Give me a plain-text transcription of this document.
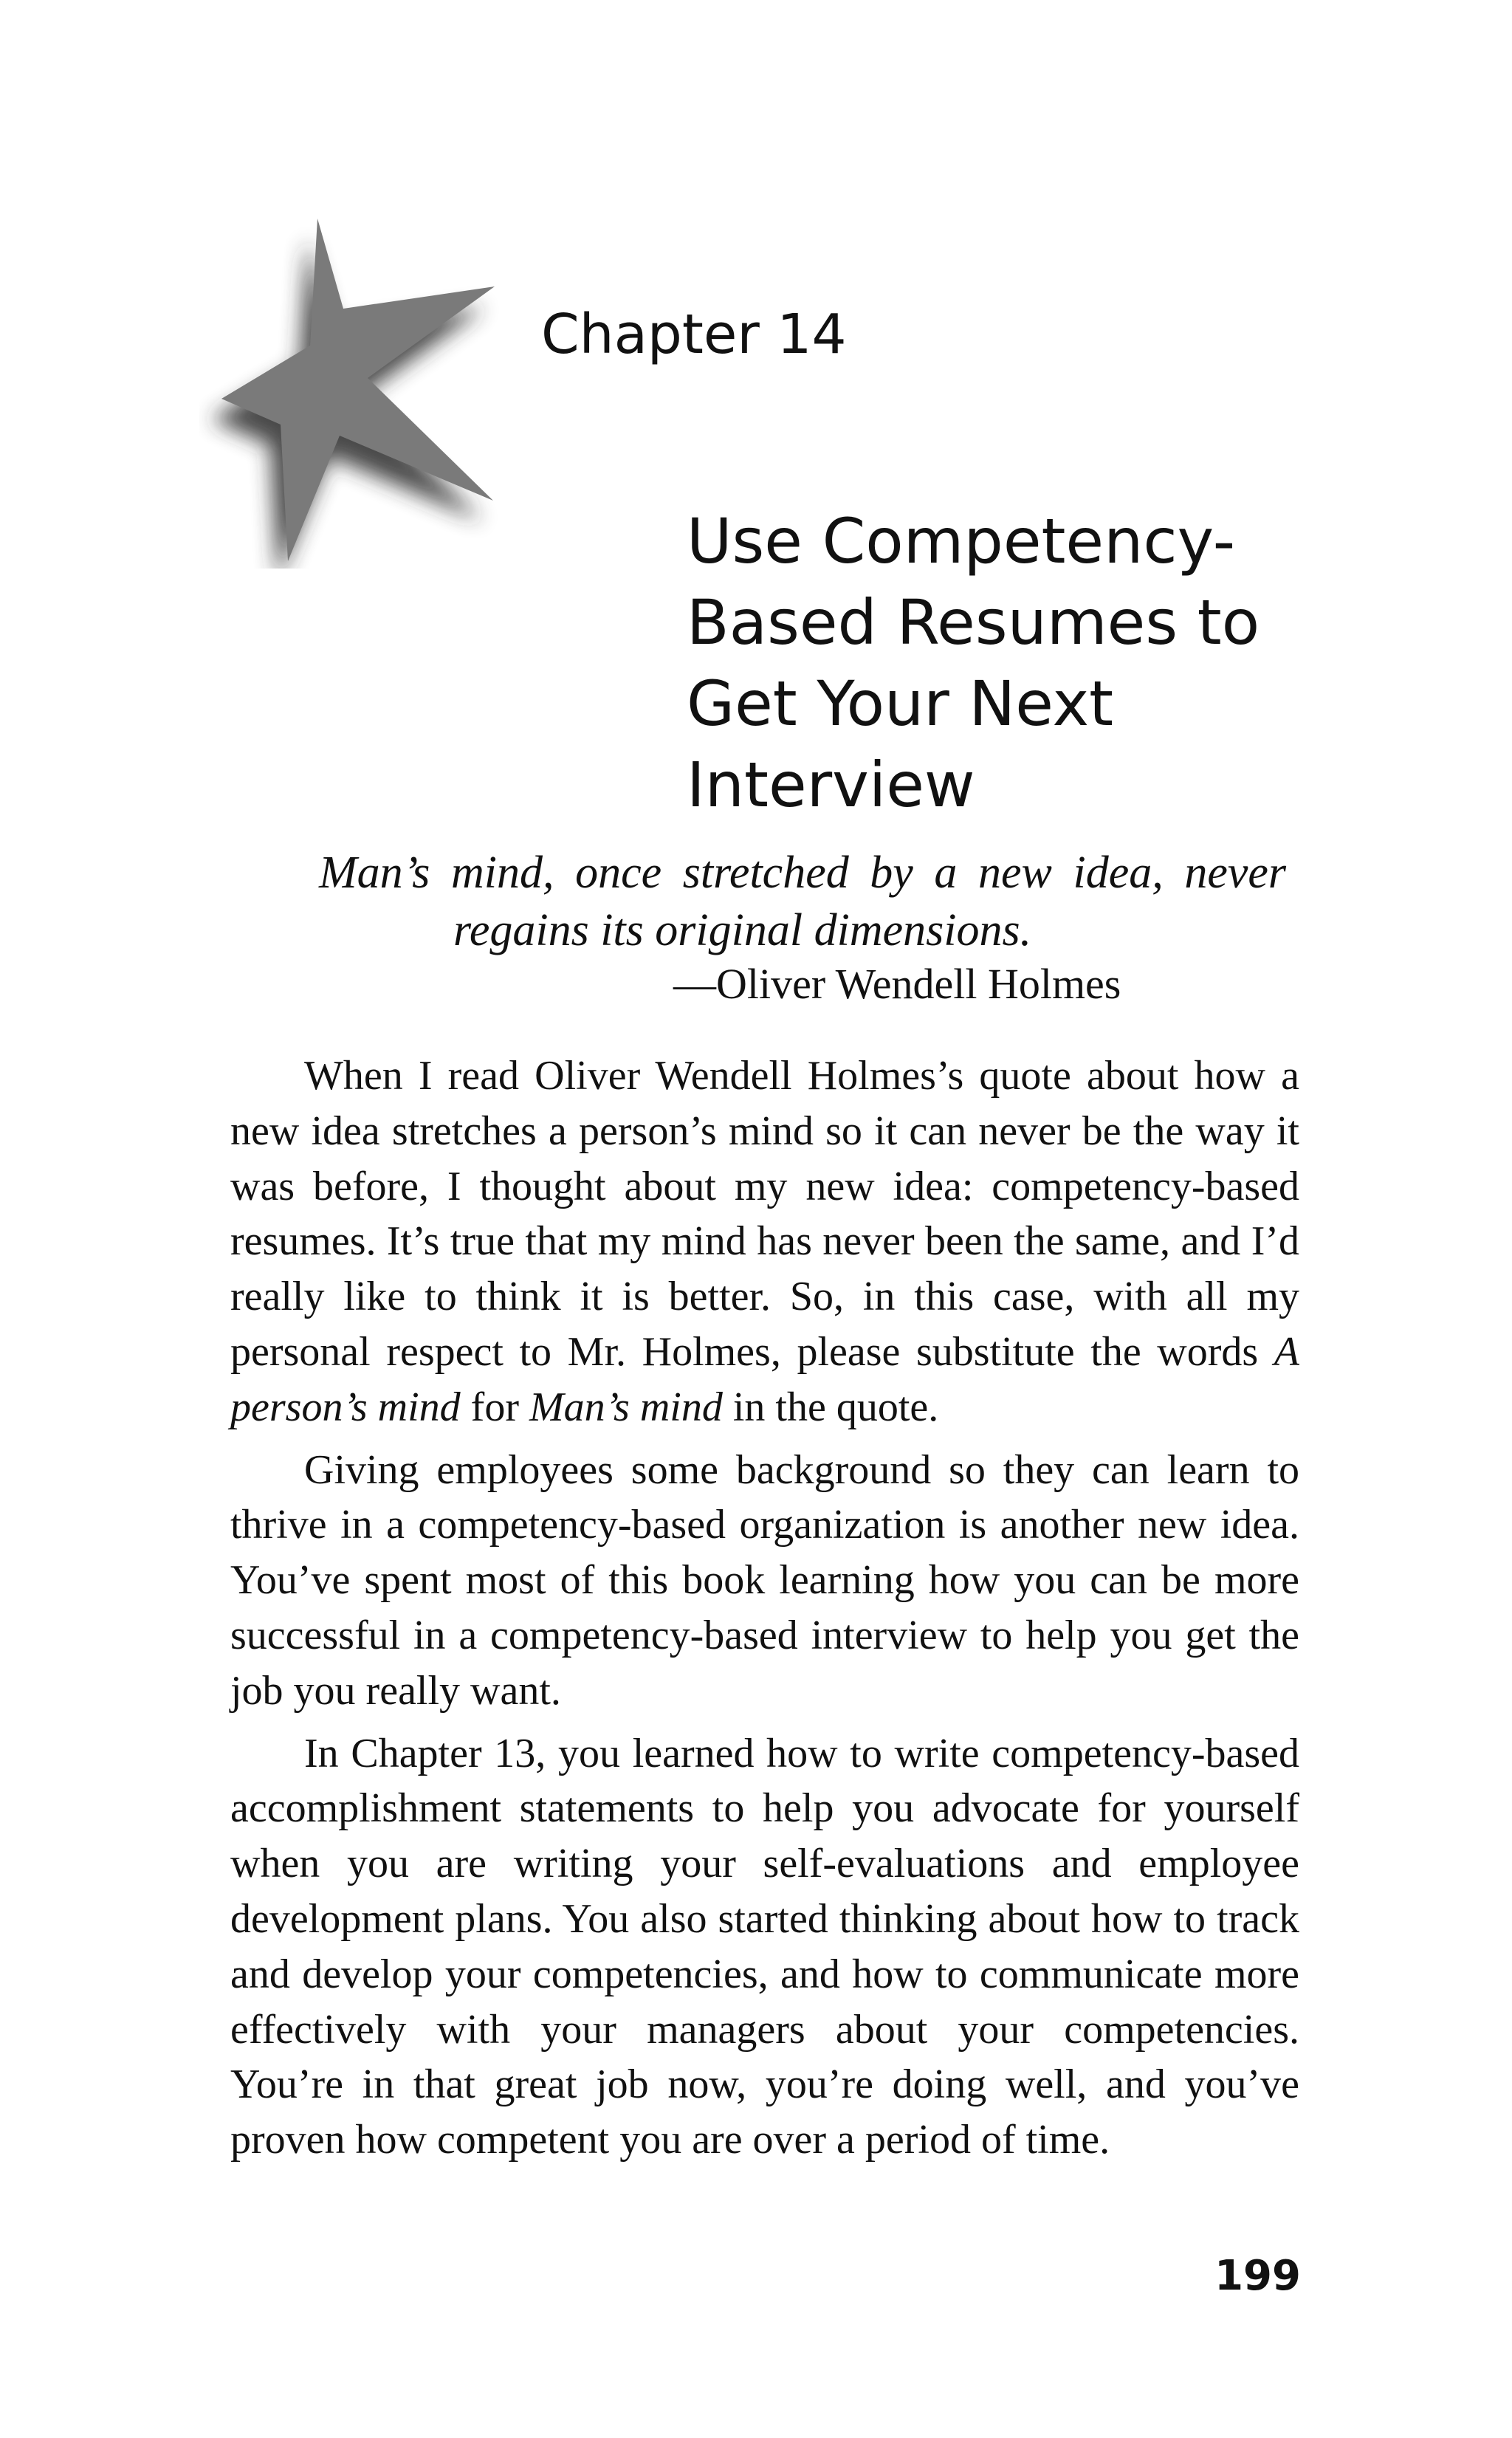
Chapter 14
Use Competency-
Based Resumes to
Get Your Next
Interview
Man’s mind, once stretched by a new idea, never
regains its original dimensions.
—Oliver Wendell Holmes

When I read Oliver Wendell Holmes’s quote about how a new idea stretches a person’s mind so it can never be the way it was before, I thought about my new idea: competency-based resumes. It’s true that my mind has never been the same, and I’d really like to think it is better. So, in this case, with all my personal respect to Mr. Holmes, please substitute the words A person’s mind for Man’s mind in the quote.

Giving employees some background so they can learn to thrive in a competency-based organization is another new idea. You’ve spent most of this book learning how you can be more successful in a competency-based interview to help you get the job you really want.

In Chapter 13, you learned how to write competency-based accomplishment statements to help you advocate for yourself when you are writing your self-evaluations and employee development plans. You also started thinking about how to track and develop your competencies, and how to communicate more effectively with your managers about your competencies. You’re in that great job now, you’re doing well, and you’ve proven how competent you are over a period of time.

199
